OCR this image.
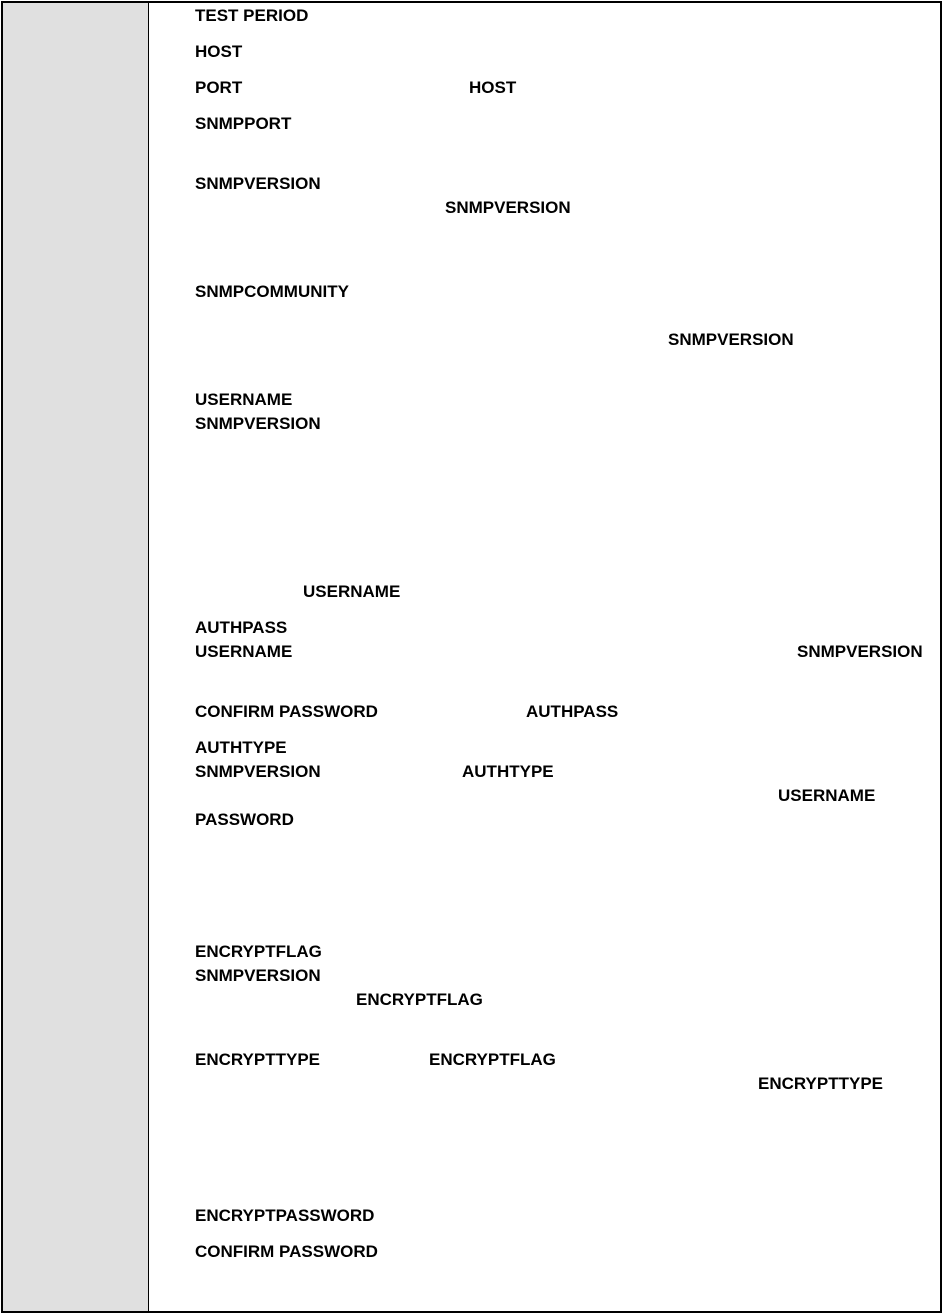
TEST PERIOD
HOST
PORT	HOST
SNMPPORT
SNMPVERSION
SNMPVERSION
SNMPCOMMUNITY
SNMPVERSION
USERNAME
SNMPVERSION
USERNAME
AUTHPASS
USERNAME	SNMPVERSION
CONFIRM PASSWORD	AUTHPASS
AUTHTYPE
SNMPVERSION	AUTHTYPE
USERNAME
PASSWORD
ENCRYPTFLAG
SNMPVERSION
ENCRYPTFLAG
ENCRYPTTYPE	ENCRYPTFLAG
ENCRYPTTYPE
ENCRYPTPASSWORD
CONFIRM PASSWORD
